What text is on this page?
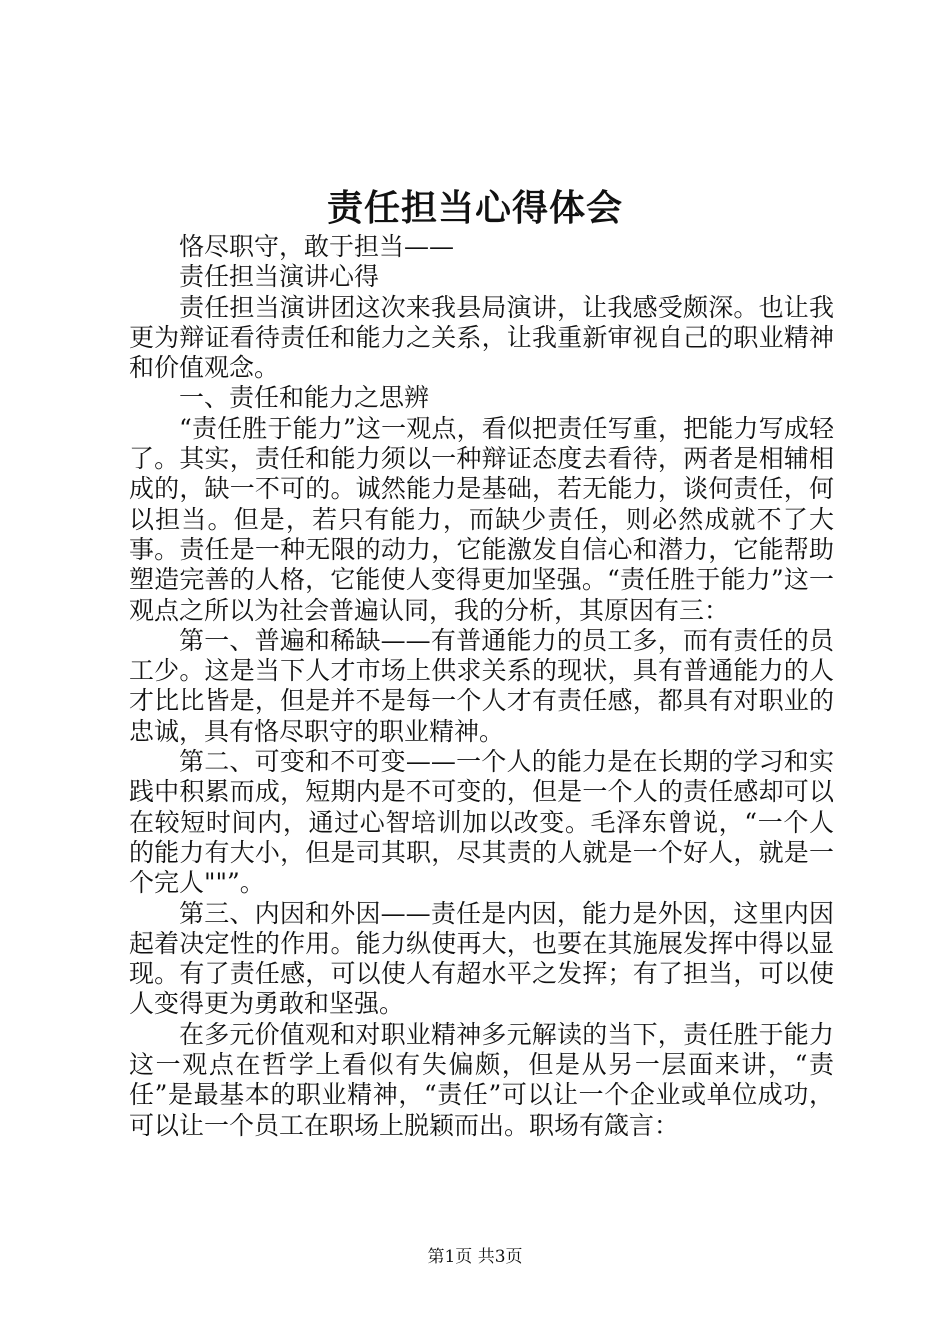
责任担当心得体会

恪尽职守，敢于担当——

责任担当演讲心得

责任担当演讲团这次来我县局演讲，让我感受颇深。也让我更为辩证看待责任和能力之关系，让我重新审视自己的职业精神和价值观念。

一、责任和能力之思辨

“责任胜于能力”这一观点，看似把责任写重，把能力写成轻了。其实，责任和能力须以一种辩证态度去看待，两者是相辅相成的，缺一不可的。诚然能力是基础，若无能力，谈何责任，何以担当。但是，若只有能力，而缺少责任，则必然成就不了大事。责任是一种无限的动力，它能激发自信心和潜力，它能帮助塑造完善的人格，它能使人变得更加坚强。“责任胜于能力”这一观点之所以为社会普遍认同，我的分析，其原因有三：

第一、普遍和稀缺——有普通能力的员工多，而有责任的员工少。这是当下人才市场上供求关系的现状，具有普通能力的人才比比皆是，但是并不是每一个人才有责任感，都具有对职业的忠诚，具有恪尽职守的职业精神。

第二、可变和不可变——一个人的能力是在长期的学习和实践中积累而成，短期内是不可变的，但是一个人的责任感却可以在较短时间内，通过心智培训加以改变。毛泽东曾说，“一个人的能力有大小，但是司其职，尽其责的人就是一个好人，就是一个完人""”。

第三、内因和外因——责任是内因，能力是外因，这里内因起着决定性的作用。能力纵使再大，也要在其施展发挥中得以显现。有了责任感，可以使人有超水平之发挥；有了担当，可以使人变得更为勇敢和坚强。

在多元价值观和对职业精神多元解读的当下，责任胜于能力这一观点在哲学上看似有失偏颇，但是从另一层面来讲，“责任”是最基本的职业精神，“责任”可以让一个企业或单位成功，可以让一个员工在职场上脱颖而出。职场有箴言：

第1页 共3页
